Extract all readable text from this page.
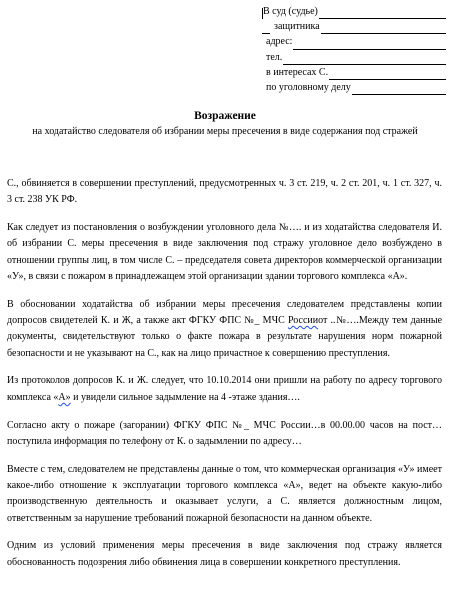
В суд (судье)
защитника
адрес:
тел.
в интересах С.
по уголовному делу
Возражение
на ходатайство следователя об избрании меры пресечения в виде содержания под стражей

С., обвиняется в совершении преступлений, предусмотренных ч. 3 ст. 219, ч. 2 ст. 201, ч. 1 ст. 327, ч. 3 ст. 238 УК РФ.

Как следует из постановления о возбуждении уголовного дела №…. и из ходатайства следователя И. об избрании С. меры пресечения в виде заключения под стражу уголовное дело возбуждено в отношении группы лиц, в том числе С. – председателя совета директоров коммерческой организации «У», в связи с пожаром в принадлежащем этой организации здании торгового комплекса «А».

В обосновании ходатайства об избрании меры пресечения следователем представлены копии допросов свидетелей К. и Ж, а также акт ФГКУ ФПС №_ МЧС Россииот ..№….Между тем данные документы, свидетельствуют только о факте пожара в результате нарушения норм пожарной безопасности и не указывают на С., как на лицо причастное к совершению преступления.

Из протоколов допросов К. и Ж. следует, что 10.10.2014 они пришли на работу по адресу торгового комплекса «А» и увидели сильное задымление на 4 -этаже здания….

Согласно акту о пожаре (загорании) ФГКУ ФПС №_ МЧС России…в 00.00.00 часов на пост…поступила информация по телефону от К. о задымлении по адресу…

Вместе с тем, следователем не представлены данные о том, что коммерческая организация «У» имеет какое-либо отношение к эксплуатации торгового комплекса «А», ведет на объекте какую-либо производственную деятельность и оказывает услуги, а С. является должностным лицом, ответственным за нарушение требований пожарной безопасности на данном объекте.

Одним из условий применения меры пресечения в виде заключения под стражу является обоснованность подозрения либо обвинения лица в совершении конкретного преступления.
